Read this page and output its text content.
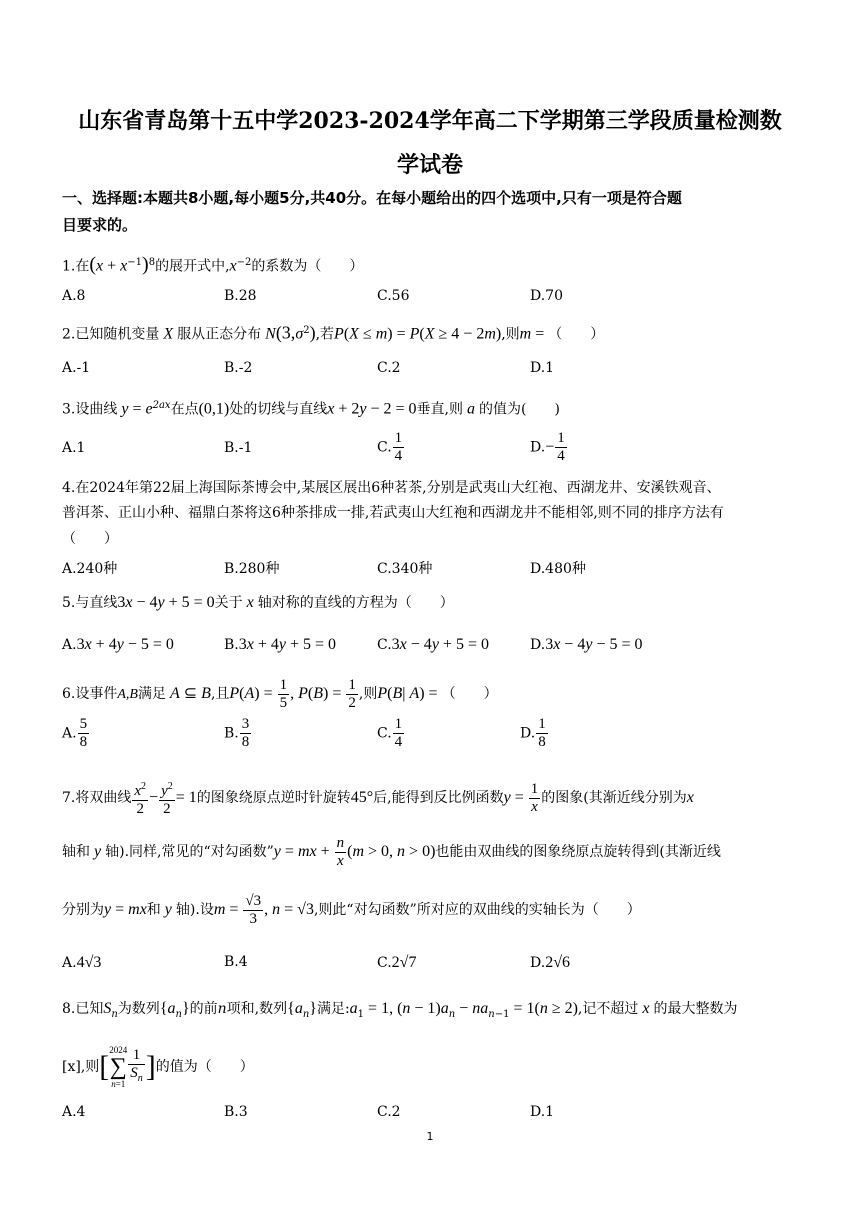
山东省青岛第十五中学2023-2024学年高二下学期第三学段质量检测数
学试卷
一、选择题:本题共8小题,每小题5分,共40分。在每小题给出的四个选项中,只有一项是符合题
目要求的。
1.在$(x + x^{-1})^8$的展开式中$,x^{-2}$的系数为（　　）
A.8	B.28	C.56	D.70
2.已知随机变量 X 服从正态分布 $N(3,\sigma^2)$,若P(X ≤ m) = P(X ≥ 4 − 2m),则m = （　　）
A.-1	B.-2	C.2	D.1
3.设曲线 $y = e^{2ax}$在点(0,1)处的切线与直线x + 2y − 2 = 0垂直,则 a 的值为(　　)
A.1	B.-1	C. $\frac{1}{4}$	$D.- \frac{1}{4}$
4.在2024年第22届上海国际茶博会中,某展区展出6种茗茶,分别是武夷山大红袍、西湖龙井、安溪铁观音、
普洱茶、正山小种、福鼎白茶将这6种茶排成一排,若武夷山大红袍和西湖龙井不能相邻,则不同的排序方法有
（　　）
A.240种	B.280种	C.340种	D.480种
5.与直线3x − 4y + 5 = 0关于 x 轴对称的直线的方程为（　　）
A.3x + 4y − 5 = 0	B.3x + 4y + 5 = 0	C.3x − 4y + 5 = 0	D.3x − 4y − 5 = 0
6.设事件A,B满足 A ⊆ B,且$P(A) = \frac{1}{5}$ , $P(B) = \frac{1}{2}$ ,则P(B| A) = （　　）
A. $\frac{5}{8}$	B. $\frac{3}{8}$	C. $\frac{1}{4}$	D. $\frac{1}{8}$
7.将双曲线 $\frac{x^2}{2} - \frac{y^2}{2} = 1$的图象绕原点逆时针旋转45°后,能得到反比例函数$y = \frac{1}{x}$ 的图象(其渐近线分别为x
轴和 y 轴).同样,常见的“对勾函数”y = mx + $\frac{n}{x} (m > 0$, n > 0)也能由双曲线的图象绕原点旋转得到(其渐近线
分别为y = mx和 y 轴).设$m = \frac{√3}{3}$ , n = √3,则此“对勾函数”所对应的双曲线的实轴长为（　　）
A.4√3	B.4	C.2√7	D.2√6
8.已知$S_n$为数列$\{a_n\}$的前n项和,数列$\{a_n\}$满足$:a_1 = 1$, $(n - 1)a_n - na_{n-1} = 1(n \ge 2)$,记不超过 x 的最大整数为
[x],则[ 2024
∑
$n=1 \frac{1}{S_n}$ ]的值为（　　）
A.4	B.3	C.2	D.1
1
